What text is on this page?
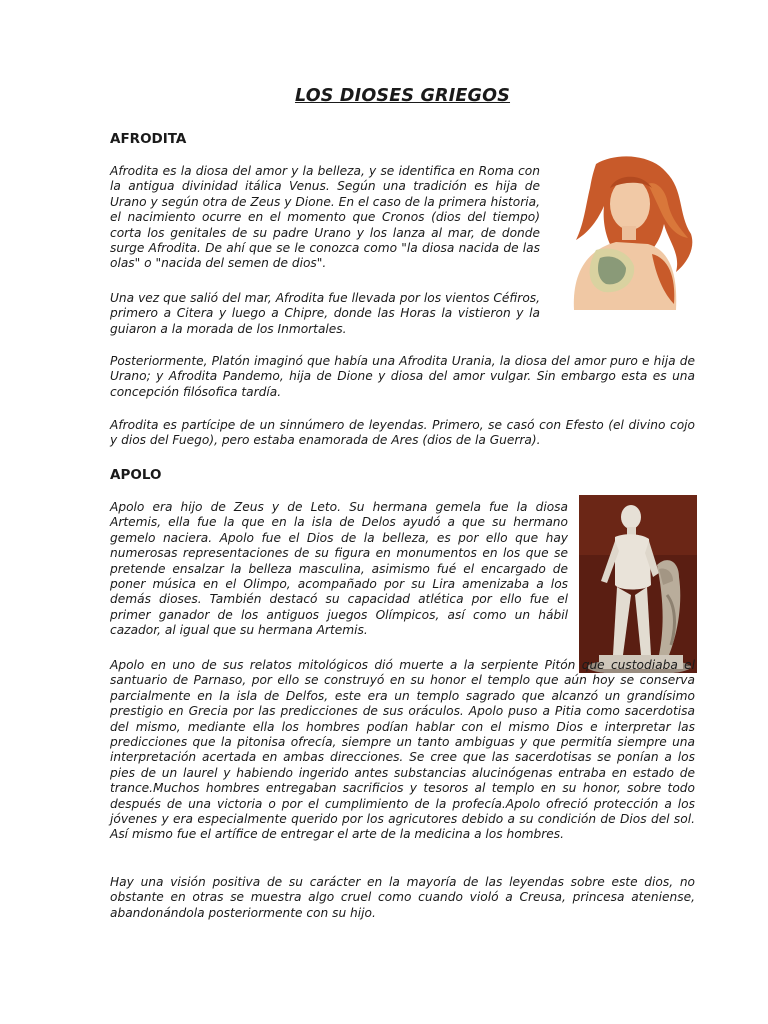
LOS DIOSES GRIEGOS
AFRODITA

Afrodita es la diosa del amor y la belleza, y se identifica en Roma con la antigua divinidad itálica Venus. Según una tradición es hija de Urano y según otra de Zeus y Dione. En el caso de la primera historia, el nacimiento ocurre en el momento que Cronos (dios del tiempo) corta los genitales de su padre Urano y los lanza al mar, de donde surge Afrodita. De ahí que se le conozca como "la diosa nacida de las olas" o "nacida del semen de dios".

Una vez que salió del mar, Afrodita fue llevada por los vientos Céfiros, primero a Citera y luego a Chipre, donde las Horas la vistieron y la guiaron a la morada de los Inmortales.

Posteriormente, Platón imaginó que había una Afrodita Urania, la diosa del amor puro e hija de Urano; y Afrodita Pandemo, hija de Dione y diosa del amor vulgar. Sin embargo esta es una concepción filósofica tardía.

Afrodita es partícipe de un sinnúmero de leyendas. Primero, se casó con Efesto (el divino cojo y dios del Fuego), pero estaba enamorada de Ares (dios de la Guerra).

APOLO

Apolo era hijo de Zeus y de Leto. Su hermana gemela fue la diosa Artemis, ella fue la que en la isla de Delos ayudó a que su hermano gemelo naciera. Apolo fue el Dios de la belleza, es por ello que hay numerosas representaciones de su figura en monumentos en los que se pretende ensalzar la belleza masculina, asimismo fué el encargado de poner música en el Olimpo, acompañado por su Lira amenizaba a los demás dioses. También destacó su capacidad atlética por ello fue el primer ganador de los antiguos juegos Olímpicos, así como un hábil cazador, al igual que su hermana Artemis.

Apolo en uno de sus relatos mitológicos dió muerte a la serpiente Pitón que custodiaba el santuario de Parnaso, por ello se construyó en su honor el templo que aún hoy se conserva parcialmente en la isla de Delfos, este era un templo sagrado que alcanzó un grandísimo prestigio en Grecia por las predicciones de sus oráculos. Apolo puso a Pitia como sacerdotisa del mismo, mediante ella los hombres podían hablar con el mismo Dios e interpretar las predicciones que la pitonisa ofrecía, siempre un tanto ambiguas y que permitía siempre una interpretación acertada en ambas direcciones. Se cree que las sacerdotisas se ponían a los pies de un laurel y habiendo ingerido antes substancias alucinógenas entraba en estado de trance.Muchos hombres entregaban sacrificios y tesoros al templo en su honor, sobre todo después de una victoria o por el cumplimiento de la profecía.Apolo ofreció protección a los jóvenes y era especialmente querido por los agricutores debido a su condición de Dios del sol. Así mismo fue el artífice de entregar el arte de la medicina a los hombres.

Hay una visión positiva de su carácter en la mayoría de las leyendas sobre este dios, no obstante en otras se muestra algo cruel como cuando violó a Creusa, princesa ateniense, abandonándola posteriormente con su hijo.
